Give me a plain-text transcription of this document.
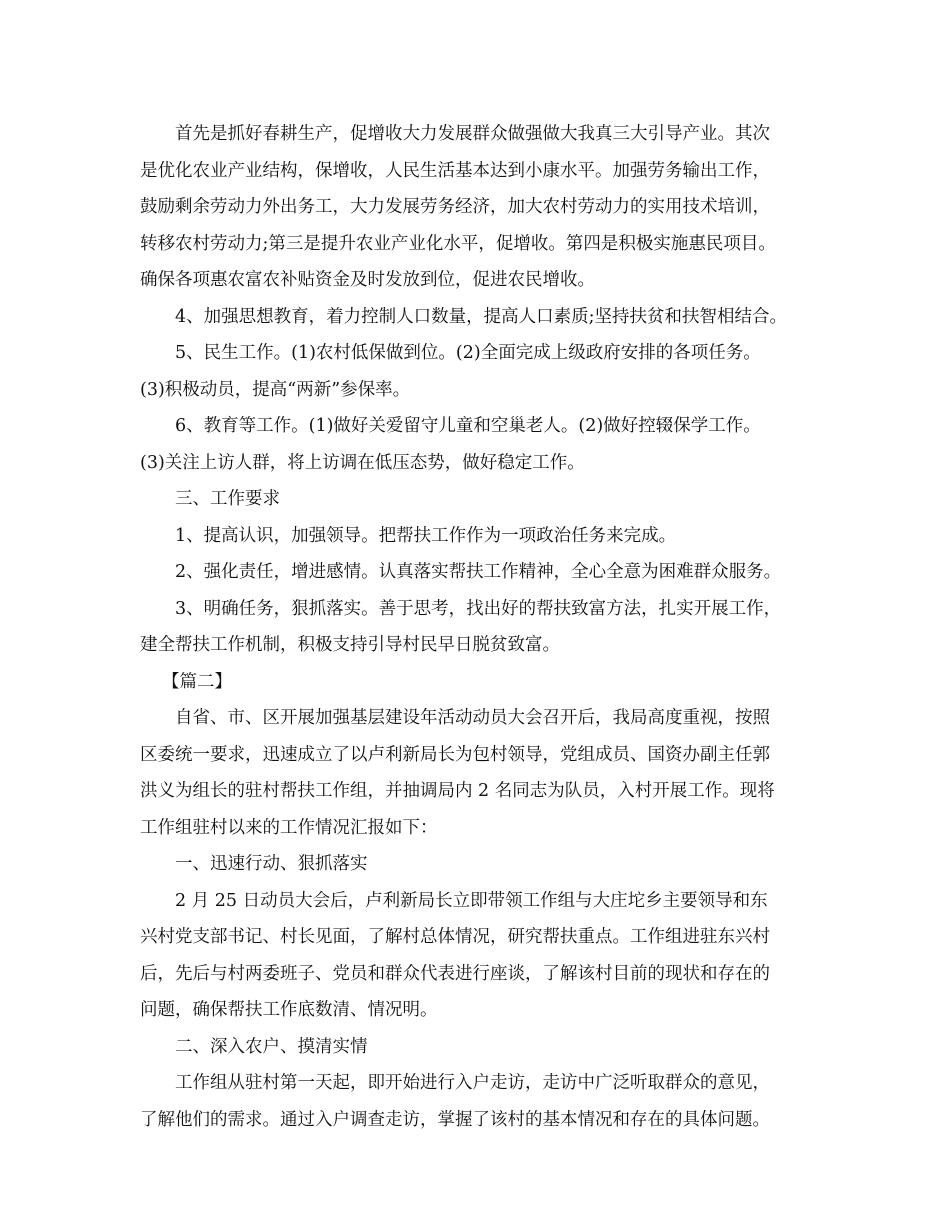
首先是抓好春耕生产，促增收大力发展群众做强做大我真三大引导产业。其次

是优化农业产业结构，保增收，人民生活基本达到小康水平。加强劳务输出工作，

鼓励剩余劳动力外出务工，大力发展劳务经济，加大农村劳动力的实用技术培训，

转移农村劳动力;第三是提升农业产业化水平，促增收。第四是积极实施惠民项目。

确保各项惠农富农补贴资金及时发放到位，促进农民增收。

4、加强思想教育，着力控制人口数量，提高人口素质;坚持扶贫和扶智相结合。

5、民生工作。(1)农村低保做到位。(2)全面完成上级政府安排的各项任务。

(3)积极动员，提高“两新”参保率。

6、教育等工作。(1)做好关爱留守儿童和空巢老人。(2)做好控辍保学工作。

(3)关注上访人群，将上访调在低压态势，做好稳定工作。

三、工作要求

1、提高认识，加强领导。把帮扶工作作为一项政治任务来完成。

2、强化责任，增进感情。认真落实帮扶工作精神，全心全意为困难群众服务。

3、明确任务，狠抓落实。善于思考，找出好的帮扶致富方法，扎实开展工作，

建全帮扶工作机制，积极支持引导村民早日脱贫致富。

【篇二】

自省、市、区开展加强基层建设年活动动员大会召开后，我局高度重视，按照

区委统一要求，迅速成立了以卢利新局长为包村领导，党组成员、国资办副主任郭

洪义为组长的驻村帮扶工作组，并抽调局内 2 名同志为队员，入村开展工作。现将

工作组驻村以来的工作情况汇报如下：

一、迅速行动、狠抓落实

2 月 25 日动员大会后，卢利新局长立即带领工作组与大庄坨乡主要领导和东

兴村党支部书记、村长见面，了解村总体情况，研究帮扶重点。工作组进驻东兴村

后，先后与村两委班子、党员和群众代表进行座谈，了解该村目前的现状和存在的

问题，确保帮扶工作底数清、情况明。

二、深入农户、摸清实情

工作组从驻村第一天起，即开始进行入户走访，走访中广泛听取群众的意见，

了解他们的需求。通过入户调查走访，掌握了该村的基本情况和存在的具体问题。
